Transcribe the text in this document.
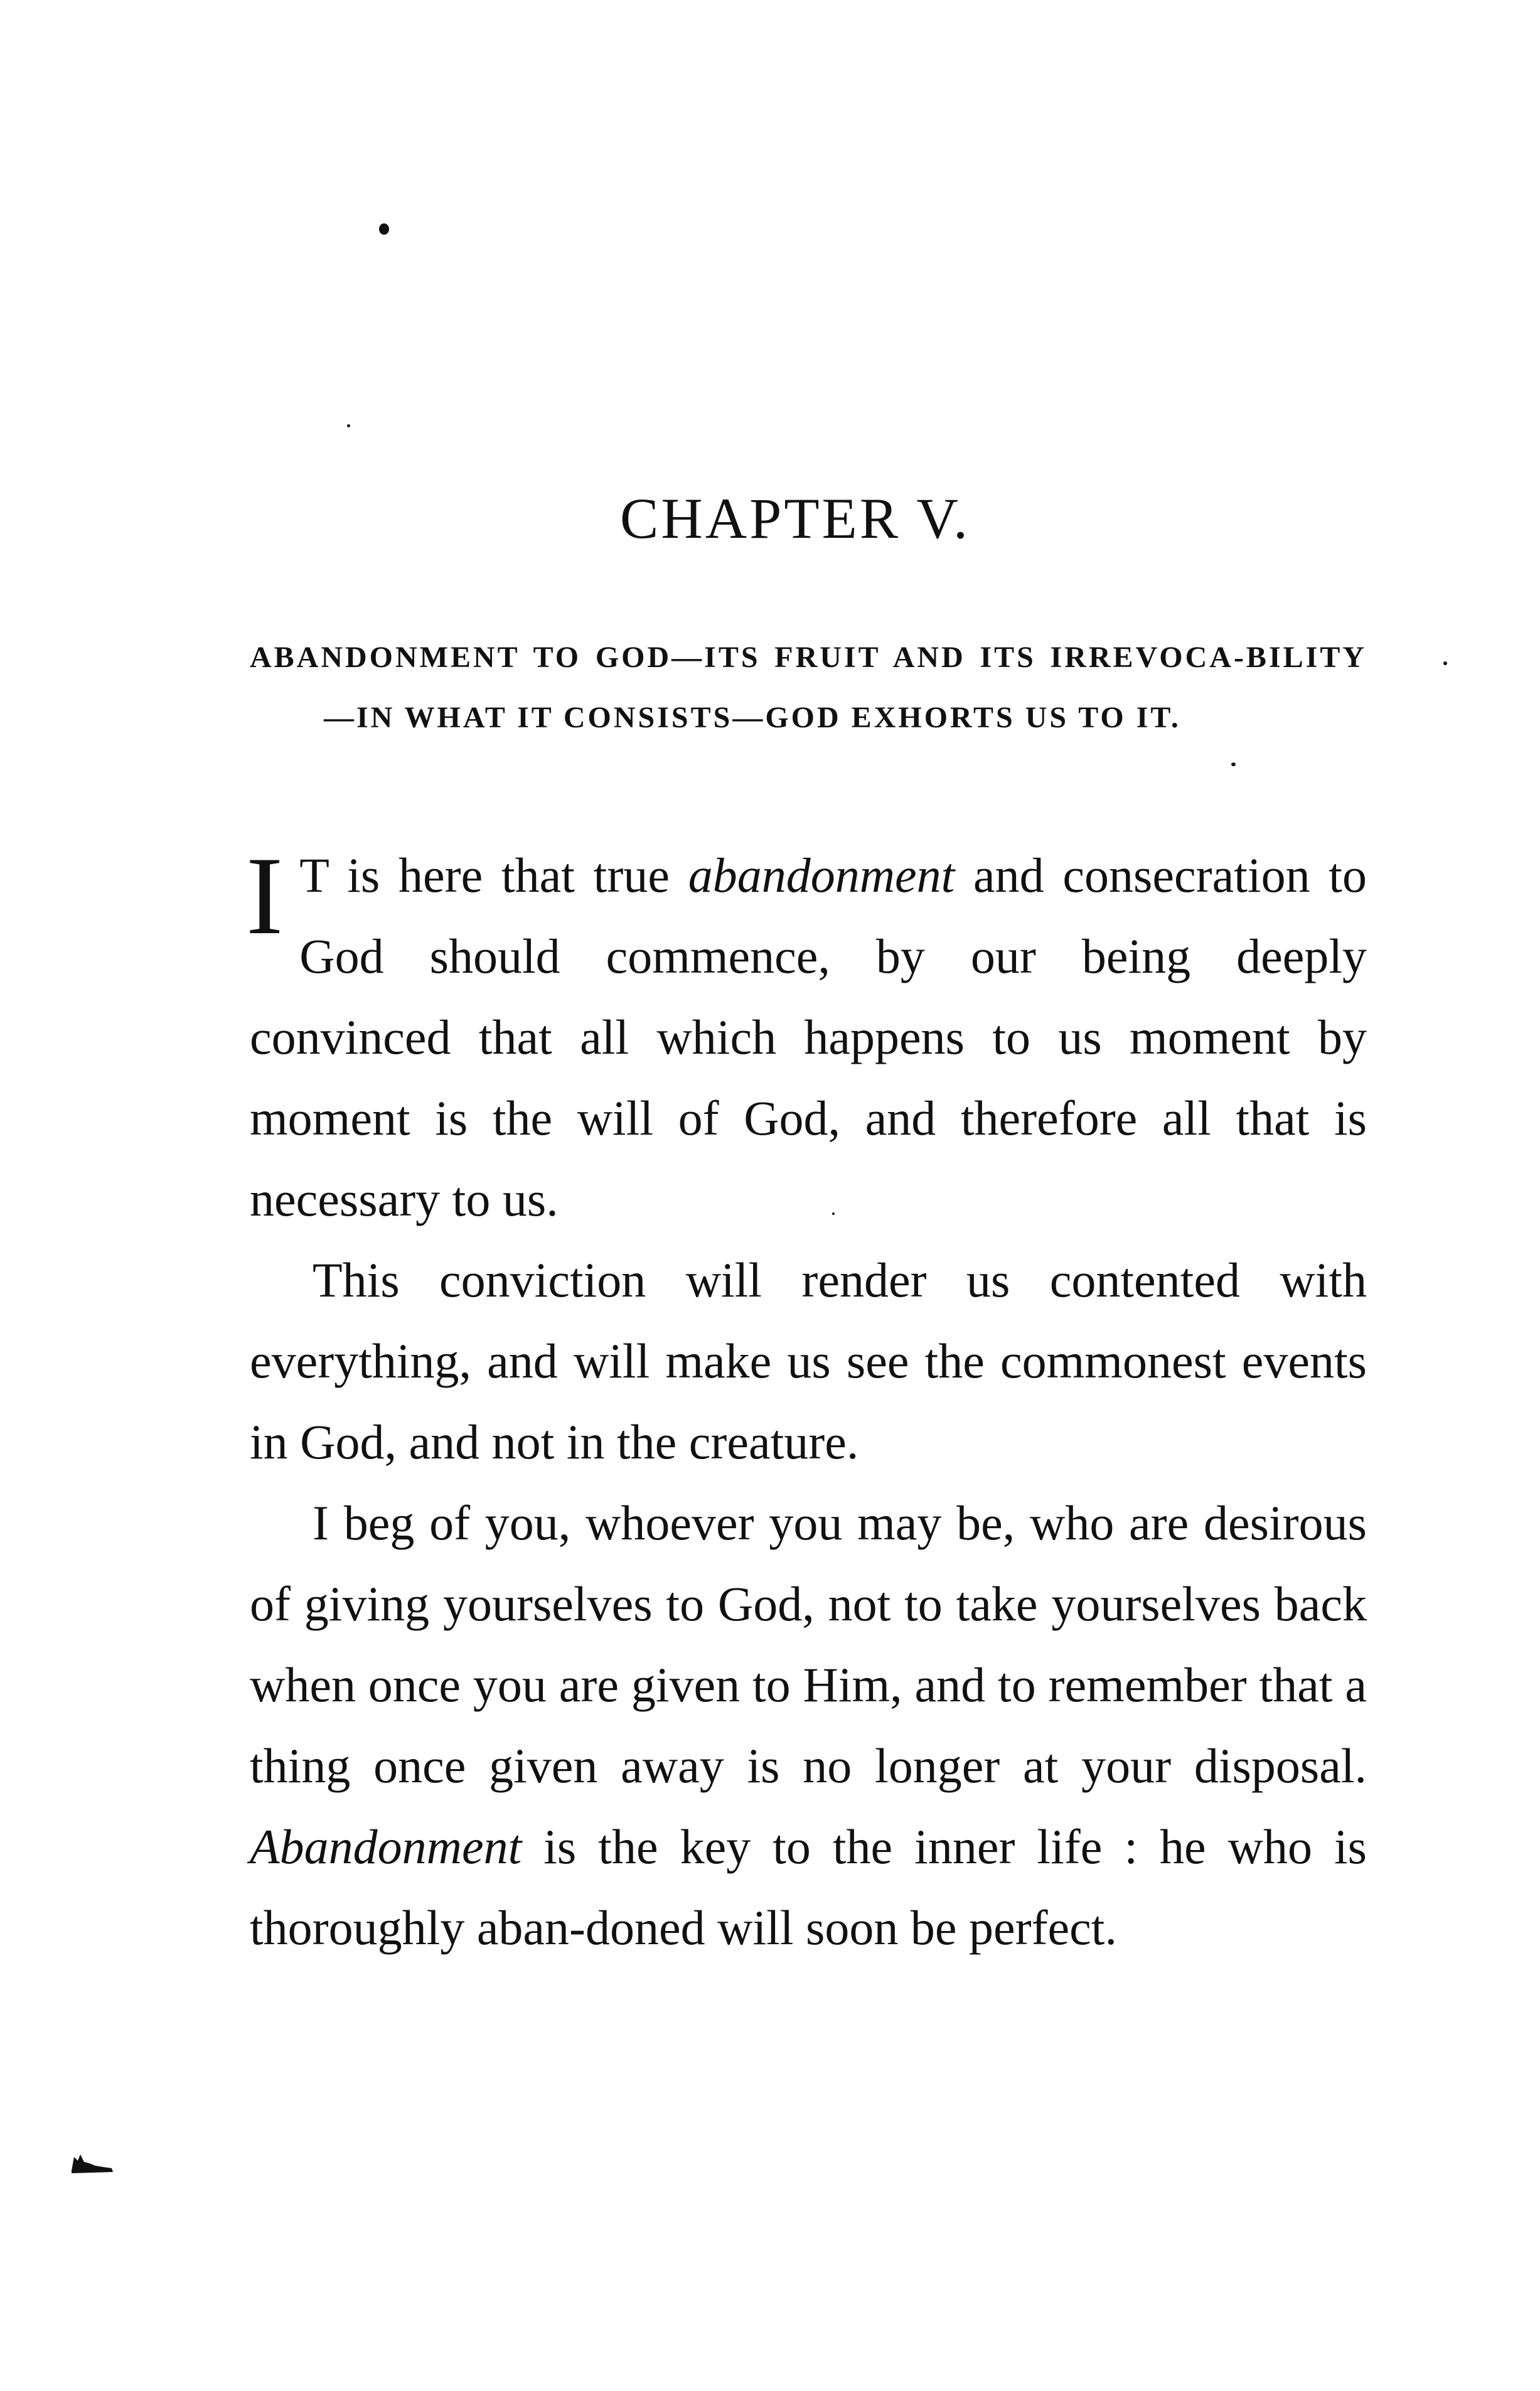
CHAPTER V.
ABANDONMENT TO GOD—ITS FRUIT AND ITS IRREVOCA-BILITY—IN WHAT IT CONSISTS—GOD EXHORTS US TO IT.

I T is here that true abandonment and consecration to God should commence, by our being deeply convinced that all which happens to us moment by moment is the will of God, and therefore all that is necessary to us.

This conviction will render us contented with everything, and will make us see the commonest events in God, and not in the creature.

I beg of you, whoever you may be, who are desirous of giving yourselves to God, not to take yourselves back when once you are given to Him, and to remember that a thing once given away is no longer at your disposal. Abandonment is the key to the inner life : he who is thoroughly aban-doned will soon be perfect.
